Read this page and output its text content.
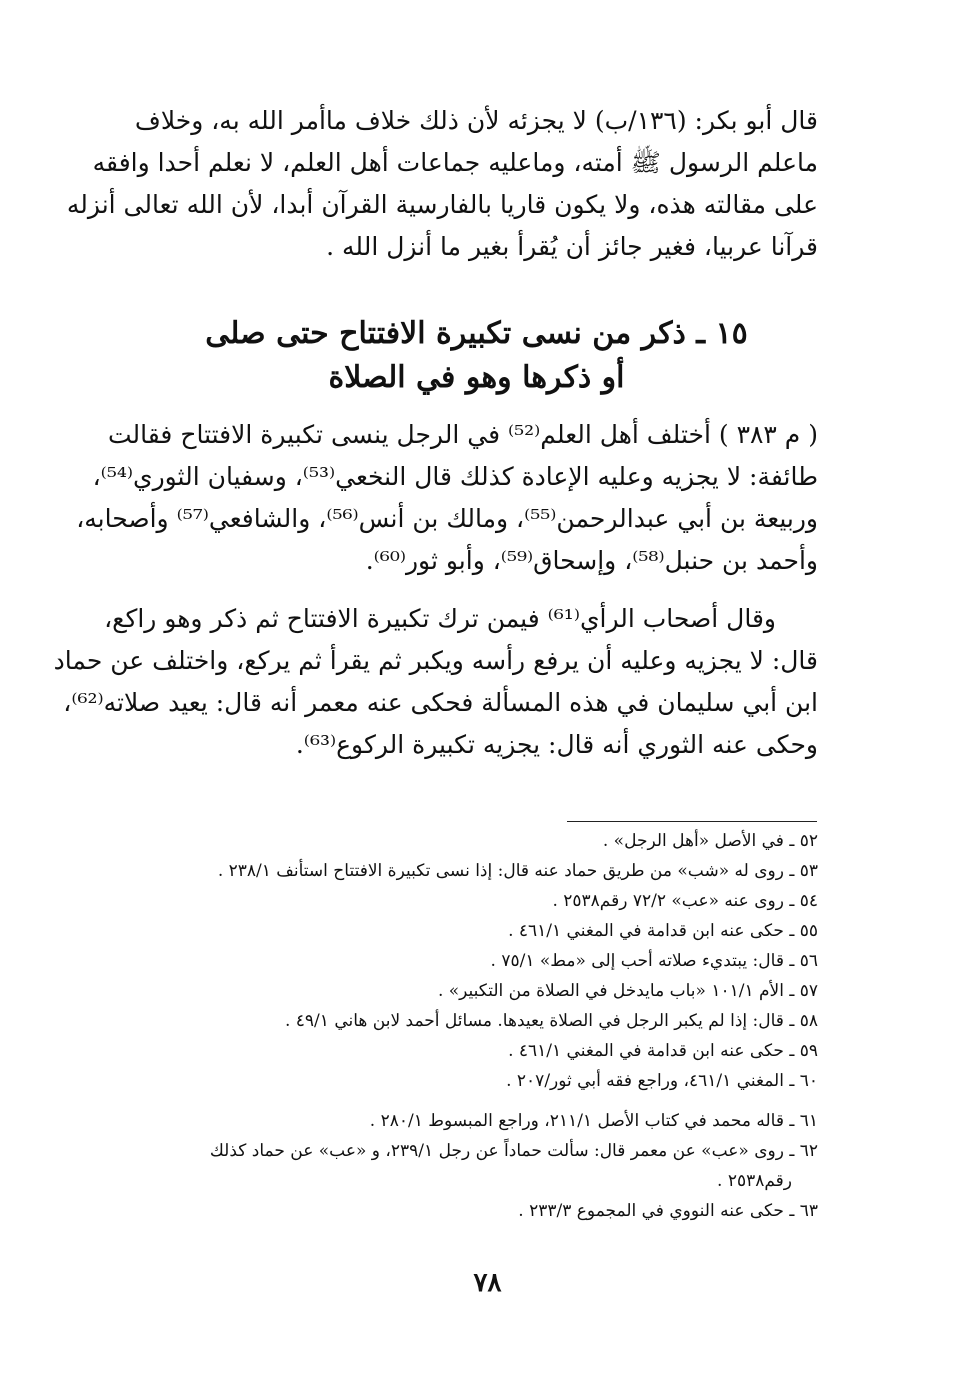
قال أبو بكر: (١٣٦/ب) لا يجزئه لأن ذلك خلاف ماأمر الله به، وخلاف
ماعلم الرسول ﷺ أمته، وماعليه جماعات أهل العلم، لا نعلم أحدا وافقه
على مقالته هذه، ولا يكون قاريا بالفارسية القرآن أبدا، لأن الله تعالى أنزله
قرآنا عربيا، فغير جائز أن يُقرأ بغير ما أنزل الله .
١٥ ـ ذكر من نسى تكبيرة الافتتاح حتى صلى
أو ذكرها وهو في الصلاة
( م ٣٨٣ ) أختلف أهل العلم⁽⁵²⁾ في الرجل ينسى تكبيرة الافتتاح فقالت
طائفة: لا يجزيه وعليه الإعادة كذلك قال النخعي⁽⁵³⁾، وسفيان الثوري⁽⁵⁴⁾،
وربيعة بن أبي عبدالرحمن⁽⁵⁵⁾، ومالك بن أنس⁽⁵⁶⁾، والشافعي⁽⁵⁷⁾ وأصحابه،
وأحمد بن حنبل⁽⁵⁸⁾، وإسحاق⁽⁵⁹⁾، وأبو ثور⁽⁶⁰⁾.
وقال أصحاب الرأي⁽⁶¹⁾ فيمن ترك تكبيرة الافتتاح ثم ذكر وهو راكع،
قال: لا يجزيه وعليه أن يرفع رأسه ويكبر ثم يقرأ ثم يركع، واختلف عن حماد
ابن أبي سليمان في هذه المسألة فحكى عنه معمر أنه قال: يعيد صلاته⁽⁶²⁾،
وحكى عنه الثوري أنه قال: يجزيه تكبيرة الركوع⁽⁶³⁾.
٥٢ ـ في الأصل «أهل الرجل» .
٥٣ ـ روى له «شب» من طريق حماد عنه قال: إذا نسى تكبيرة الافتتاح استأنف ٢٣٨/١ .
٥٤ ـ روى عنه «عب» ٧٢/٢ رقم٢٥٣٨ .
٥٥ ـ حكى عنه ابن قدامة في المغني ٤٦١/١ .
٥٦ ـ قال: يبتديء صلاته أحب إلى «مط» ٧٥/١ .
٥٧ ـ الأم ١٠١/١ «باب مايدخل في الصلاة من التكبير» .
٥٨ ـ قال: إذا لم يكبر الرجل في الصلاة يعيدها. مسائل أحمد لابن هاني ٤٩/١ .
٥٩ ـ حكى عنه ابن قدامة في المغني ٤٦١/١ .
٦٠ ـ المغني ٤٦١/١، وراجع فقه أبي ثور/٢٠٧ .
٦١ ـ قاله محمد في كتاب الأصل ٢١١/١، وراجع المبسوط ٢٨٠/١ .
٦٢ ـ روى «عب» عن معمر قال: سألت حماداً عن رجل ٢٣٩/١، و «عب» عن حماد كذلك
رقم٢٥٣٨ .
٦٣ ـ حكى عنه النووي في المجموع ٢٣٣/٣ .
٧٨
